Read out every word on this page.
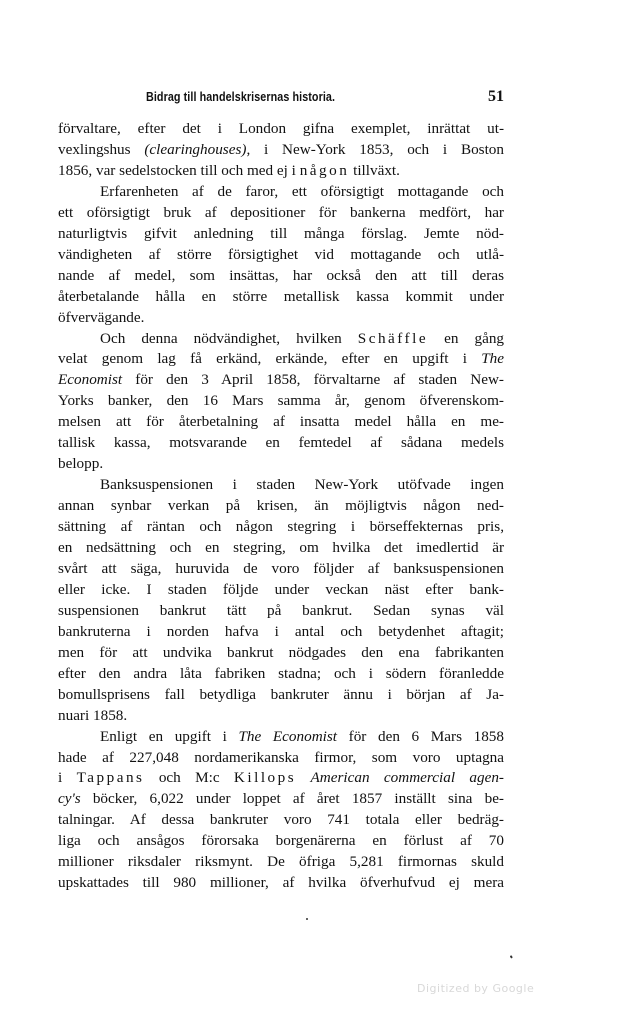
Bidrag till handelskrisernas historia.	51
förvaltare, efter det i London gifna exemplet, inrättat ut-
vexlingshus (clearinghouses), i New-York 1853, och i Boston
1856, var sedelstocken till och med ej i någon tillväxt.
Erfarenheten af de faror, ett oförsigtigt mottagande och
ett oförsigtigt bruk af depositioner för bankerna medfört, har
naturligtvis gifvit anledning till många förslag. Jemte nöd-
vändigheten af större försigtighet vid mottagande och utlå-
nande af medel, som insättas, har också den att till deras
återbetalande hålla en större metallisk kassa kommit under
öfvervägande.
Och denna nödvändighet, hvilken Schäffle en gång
velat genom lag få erkänd, erkände, efter en upgift i The
Economist för den 3 April 1858, förvaltarne af staden New-
Yorks banker, den 16 Mars samma år, genom öfverenskom-
melsen att för återbetalning af insatta medel hålla en me-
tallisk kassa, motsvarande en femtedel af sådana medels
belopp.
Banksuspensionen i staden New-York utöfvade ingen
annan synbar verkan på krisen, än möjligtvis någon ned-
sättning af räntan och någon stegring i börseffekternas pris,
en nedsättning och en stegring, om hvilka det imedlertid är
svårt att säga, huruvida de voro följder af banksuspensionen
eller icke. I staden följde under veckan näst efter bank-
suspensionen bankrut tätt på bankrut. Sedan synas väl
bankruterna i norden hafva i antal och betydenhet aftagit;
men för att undvika bankrut nödgades den ena fabrikanten
efter den andra låta fabriken stadna; och i södern föranledde
bomullsprisens fall betydliga bankruter ännu i början af Ja-
nuari 1858.
Enligt en upgift i The Economist för den 6 Mars 1858
hade af 227,048 nordamerikanska firmor, som voro uptagna
i Tappans och M:c Killops American commercial agen-
cy's böcker, 6,022 under loppet af året 1857 inställt sina be-
talningar. Af dessa bankruter voro 741 totala eller bedräg-
liga och ansågos förorsaka borgenärerna en förlust af 70
millioner riksdaler riksmynt. De öfriga 5,281 firmornas skuld
upskattades till 980 millioner, af hvilka öfverhufvud ej mera
Digitized by Google
